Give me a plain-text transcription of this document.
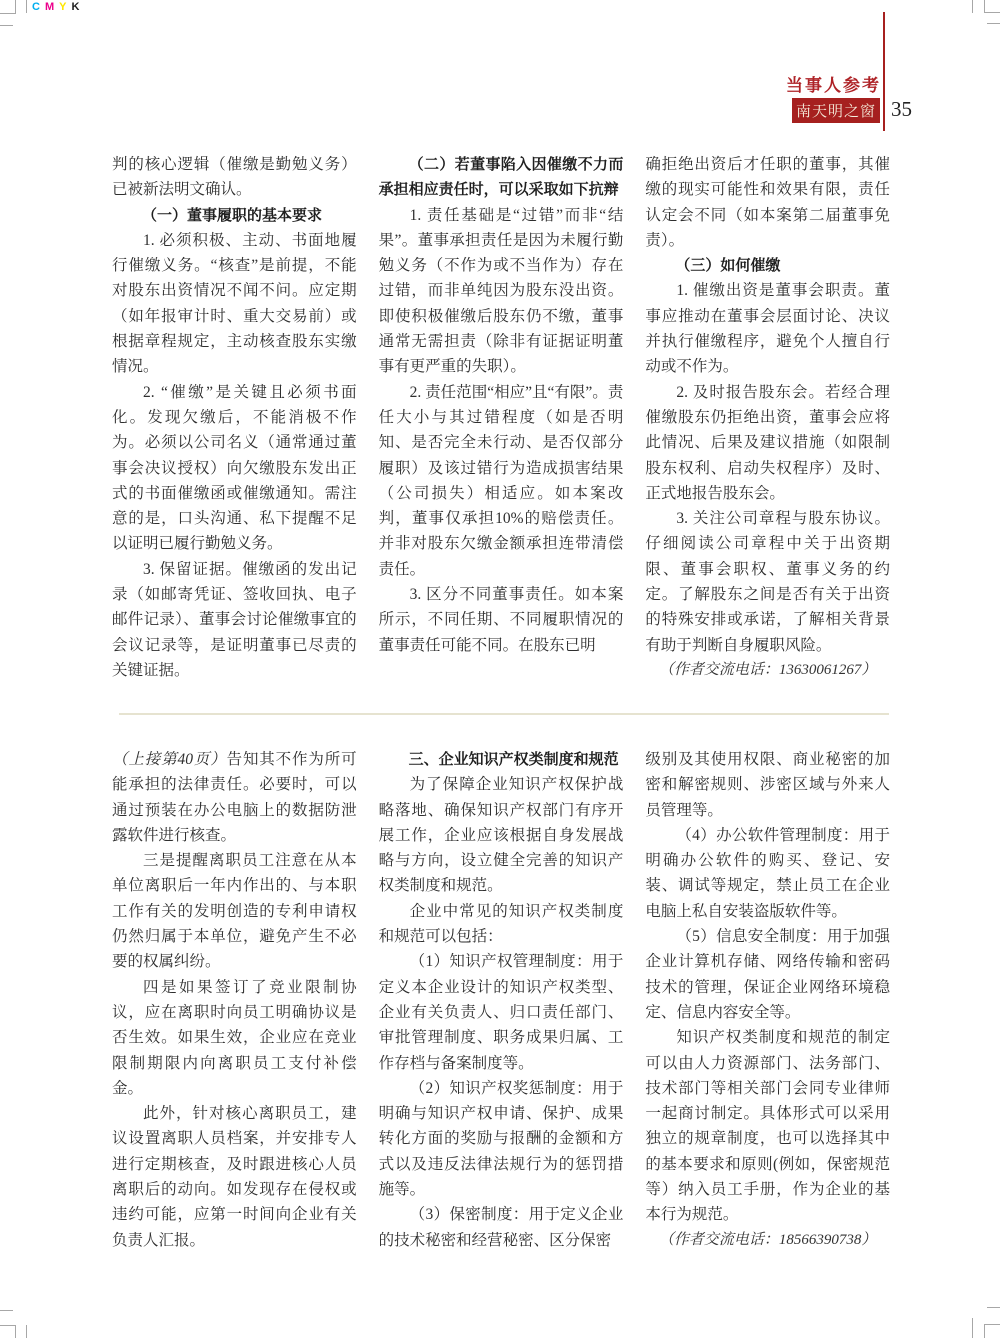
C M Y K
当事人参考
南天明之窗 35

判的核心逻辑（催缴是勤勉义务）已被新法明文确认。

（一）董事履职的基本要求

1. 必须积极、主动、书面地履行催缴义务。“核查”是前提，不能对股东出资情况不闻不问。应定期（如年报审计时、重大交易前）或根据章程规定，主动核查股东实缴情况。

2. “催缴”是关键且必须书面化。发现欠缴后，不能消极不作为。必须以公司名义（通常通过董事会决议授权）向欠缴股东发出正式的书面催缴函或催缴通知。需注意的是，口头沟通、私下提醒不足以证明已履行勤勉义务。

3. 保留证据。催缴函的发出记录（如邮寄凭证、签收回执、电子邮件记录）、董事会讨论催缴事宜的会议记录等，是证明董事已尽责的关键证据。

（二）若董事陷入因催缴不力而承担相应责任时，可以采取如下抗辩

1. 责任基础是“过错”而非“结果”。董事承担责任是因为未履行勤勉义务（不作为或不当作为）存在过错，而非单纯因为股东没出资。即使积极催缴后股东仍不缴，董事通常无需担责（除非有证据证明董事有更严重的失职）。

2. 责任范围“相应”且“有限”。责任大小与其过错程度（如是否明知、是否完全未行动、是否仅部分履职）及该过错行为造成损害结果（公司损失）相适应。如本案改判，董事仅承担10%的赔偿责任。并非对股东欠缴金额承担连带清偿责任。

3. 区分不同董事责任。如本案所示，不同任期、不同履职情况的董事责任可能不同。在股东已明

确拒绝出资后才任职的董事，其催缴的现实可能性和效果有限，责任认定会不同（如本案第二届董事免责）。

（三）如何催缴

1. 催缴出资是董事会职责。董事应推动在董事会层面讨论、决议并执行催缴程序，避免个人擅自行动或不作为。

2. 及时报告股东会。若经合理催缴股东仍拒绝出资，董事会应将此情况、后果及建议措施（如限制股东权利、启动失权程序）及时、正式地报告股东会。

3. 关注公司章程与股东协议。仔细阅读公司章程中关于出资期限、董事会职权、董事义务的约定。了解股东之间是否有关于出资的特殊安排或承诺，了解相关背景有助于判断自身履职风险。

（作者交流电话：13630061267）

（上接第40页）告知其不作为所可能承担的法律责任。必要时，可以通过预装在办公电脑上的数据防泄露软件进行核查。

三是提醒离职员工注意在从本单位离职后一年内作出的、与本职工作有关的发明创造的专利申请权仍然归属于本单位，避免产生不必要的权属纠纷。

四是如果签订了竞业限制协议，应在离职时向员工明确协议是否生效。如果生效，企业应在竞业限制期限内向离职员工支付补偿金。

此外，针对核心离职员工，建议设置离职人员档案，并安排专人进行定期核查，及时跟进核心人员离职后的动向。如发现存在侵权或违约可能，应第一时间向企业有关负责人汇报。

三、企业知识产权类制度和规范

为了保障企业知识产权保护战略落地、确保知识产权部门有序开展工作，企业应该根据自身发展战略与方向，设立健全完善的知识产权类制度和规范。

企业中常见的知识产权类制度和规范可以包括：

（1）知识产权管理制度：用于定义本企业设计的知识产权类型、企业有关负责人、归口责任部门、审批管理制度、职务成果归属、工作存档与备案制度等。

（2）知识产权奖惩制度：用于明确与知识产权申请、保护、成果转化方面的奖励与报酬的金额和方式以及违反法律法规行为的惩罚措施等。

（3）保密制度：用于定义企业的技术秘密和经营秘密、区分保密

级别及其使用权限、商业秘密的加密和解密规则、涉密区域与外来人员管理等。

（4）办公软件管理制度：用于明确办公软件的购买、登记、安装、调试等规定，禁止员工在企业电脑上私自安装盗版软件等。

（5）信息安全制度：用于加强企业计算机存储、网络传输和密码技术的管理，保证企业网络环境稳定、信息内容安全等。

知识产权类制度和规范的制定可以由人力资源部门、法务部门、技术部门等相关部门会同专业律师一起商讨制定。具体形式可以采用独立的规章制度，也可以选择其中的基本要求和原则(例如，保密规范等）纳入员工手册，作为企业的基本行为规范。

（作者交流电话：18566390738）
